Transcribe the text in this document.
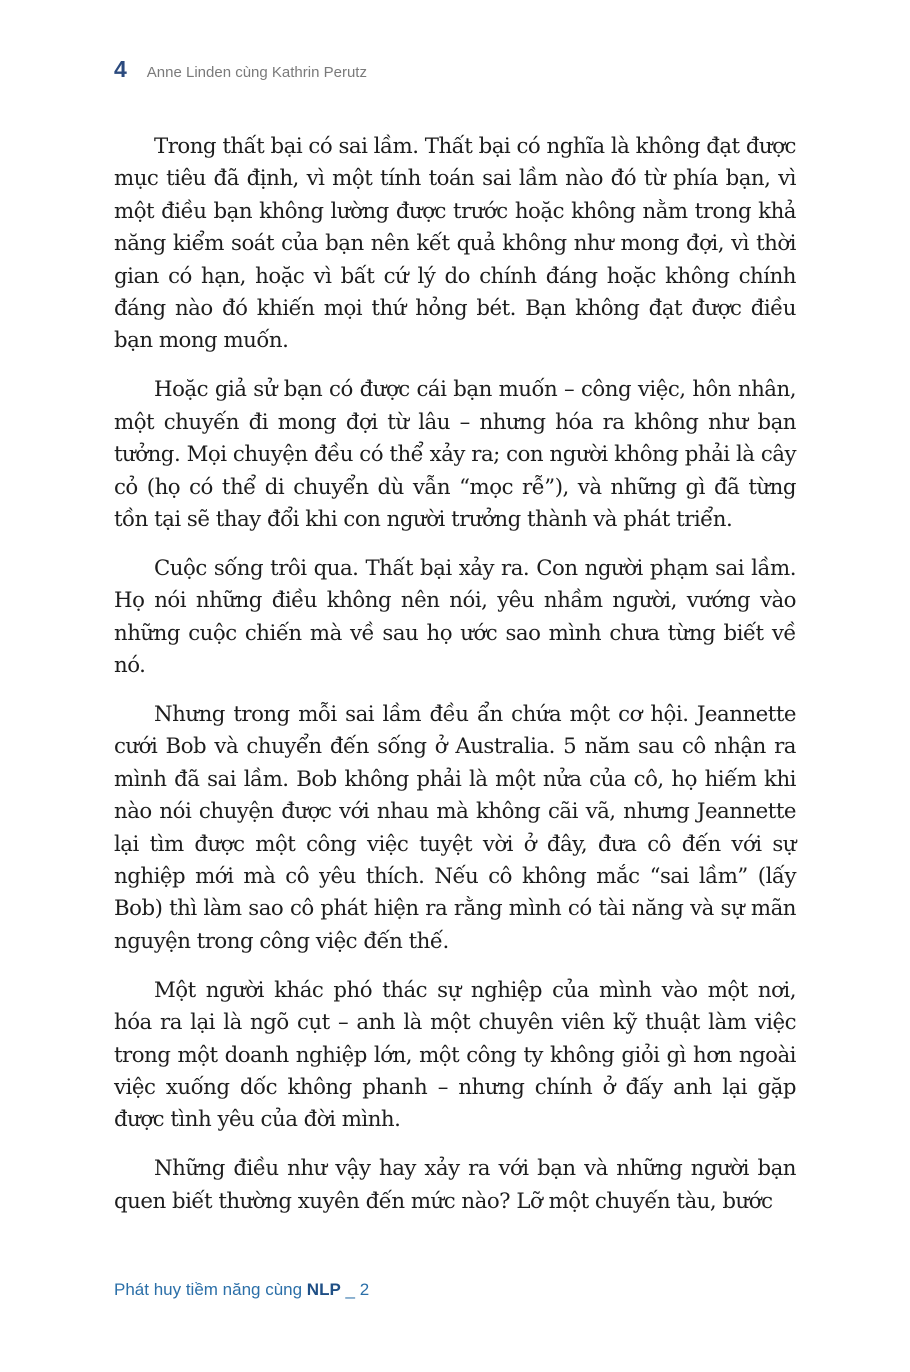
4 Anne Linden cùng Kathrin Perutz

Trong thất bại có sai lầm. Thất bại có nghĩa là không đạt được mục tiêu đã định, vì một tính toán sai lầm nào đó từ phía bạn, vì một điều bạn không lường được trước hoặc không nằm trong khả năng kiểm soát của bạn nên kết quả không như mong đợi, vì thời gian có hạn, hoặc vì bất cứ lý do chính đáng hoặc không chính đáng nào đó khiến mọi thứ hỏng bét. Bạn không đạt được điều bạn mong muốn.

Hoặc giả sử bạn có được cái bạn muốn – công việc, hôn nhân, một chuyến đi mong đợi từ lâu – nhưng hóa ra không như bạn tưởng. Mọi chuyện đều có thể xảy ra; con người không phải là cây cỏ (họ có thể di chuyển dù vẫn “mọc rễ”), và những gì đã từng tồn tại sẽ thay đổi khi con người trưởng thành và phát triển.

Cuộc sống trôi qua. Thất bại xảy ra. Con người phạm sai lầm. Họ nói những điều không nên nói, yêu nhầm người, vướng vào những cuộc chiến mà về sau họ ước sao mình chưa từng biết về nó.

Nhưng trong mỗi sai lầm đều ẩn chứa một cơ hội. Jeannette cưới Bob và chuyển đến sống ở Australia. 5 năm sau cô nhận ra mình đã sai lầm. Bob không phải là một nửa của cô, họ hiếm khi nào nói chuyện được với nhau mà không cãi vã, nhưng Jeannette lại tìm được một công việc tuyệt vời ở đây, đưa cô đến với sự nghiệp mới mà cô yêu thích. Nếu cô không mắc “sai lầm” (lấy Bob) thì làm sao cô phát hiện ra rằng mình có tài năng và sự mãn nguyện trong công việc đến thế.

Một người khác phó thác sự nghiệp của mình vào một nơi, hóa ra lại là ngõ cụt – anh là một chuyên viên kỹ thuật làm việc trong một doanh nghiệp lớn, một công ty không giỏi gì hơn ngoài việc xuống dốc không phanh – nhưng chính ở đấy anh lại gặp được tình yêu của đời mình.

Những điều như vậy hay xảy ra với bạn và những người bạn quen biết thường xuyên đến mức nào? Lỡ một chuyến tàu, bước

Phát huy tiềm năng cùng NLP _ 2
